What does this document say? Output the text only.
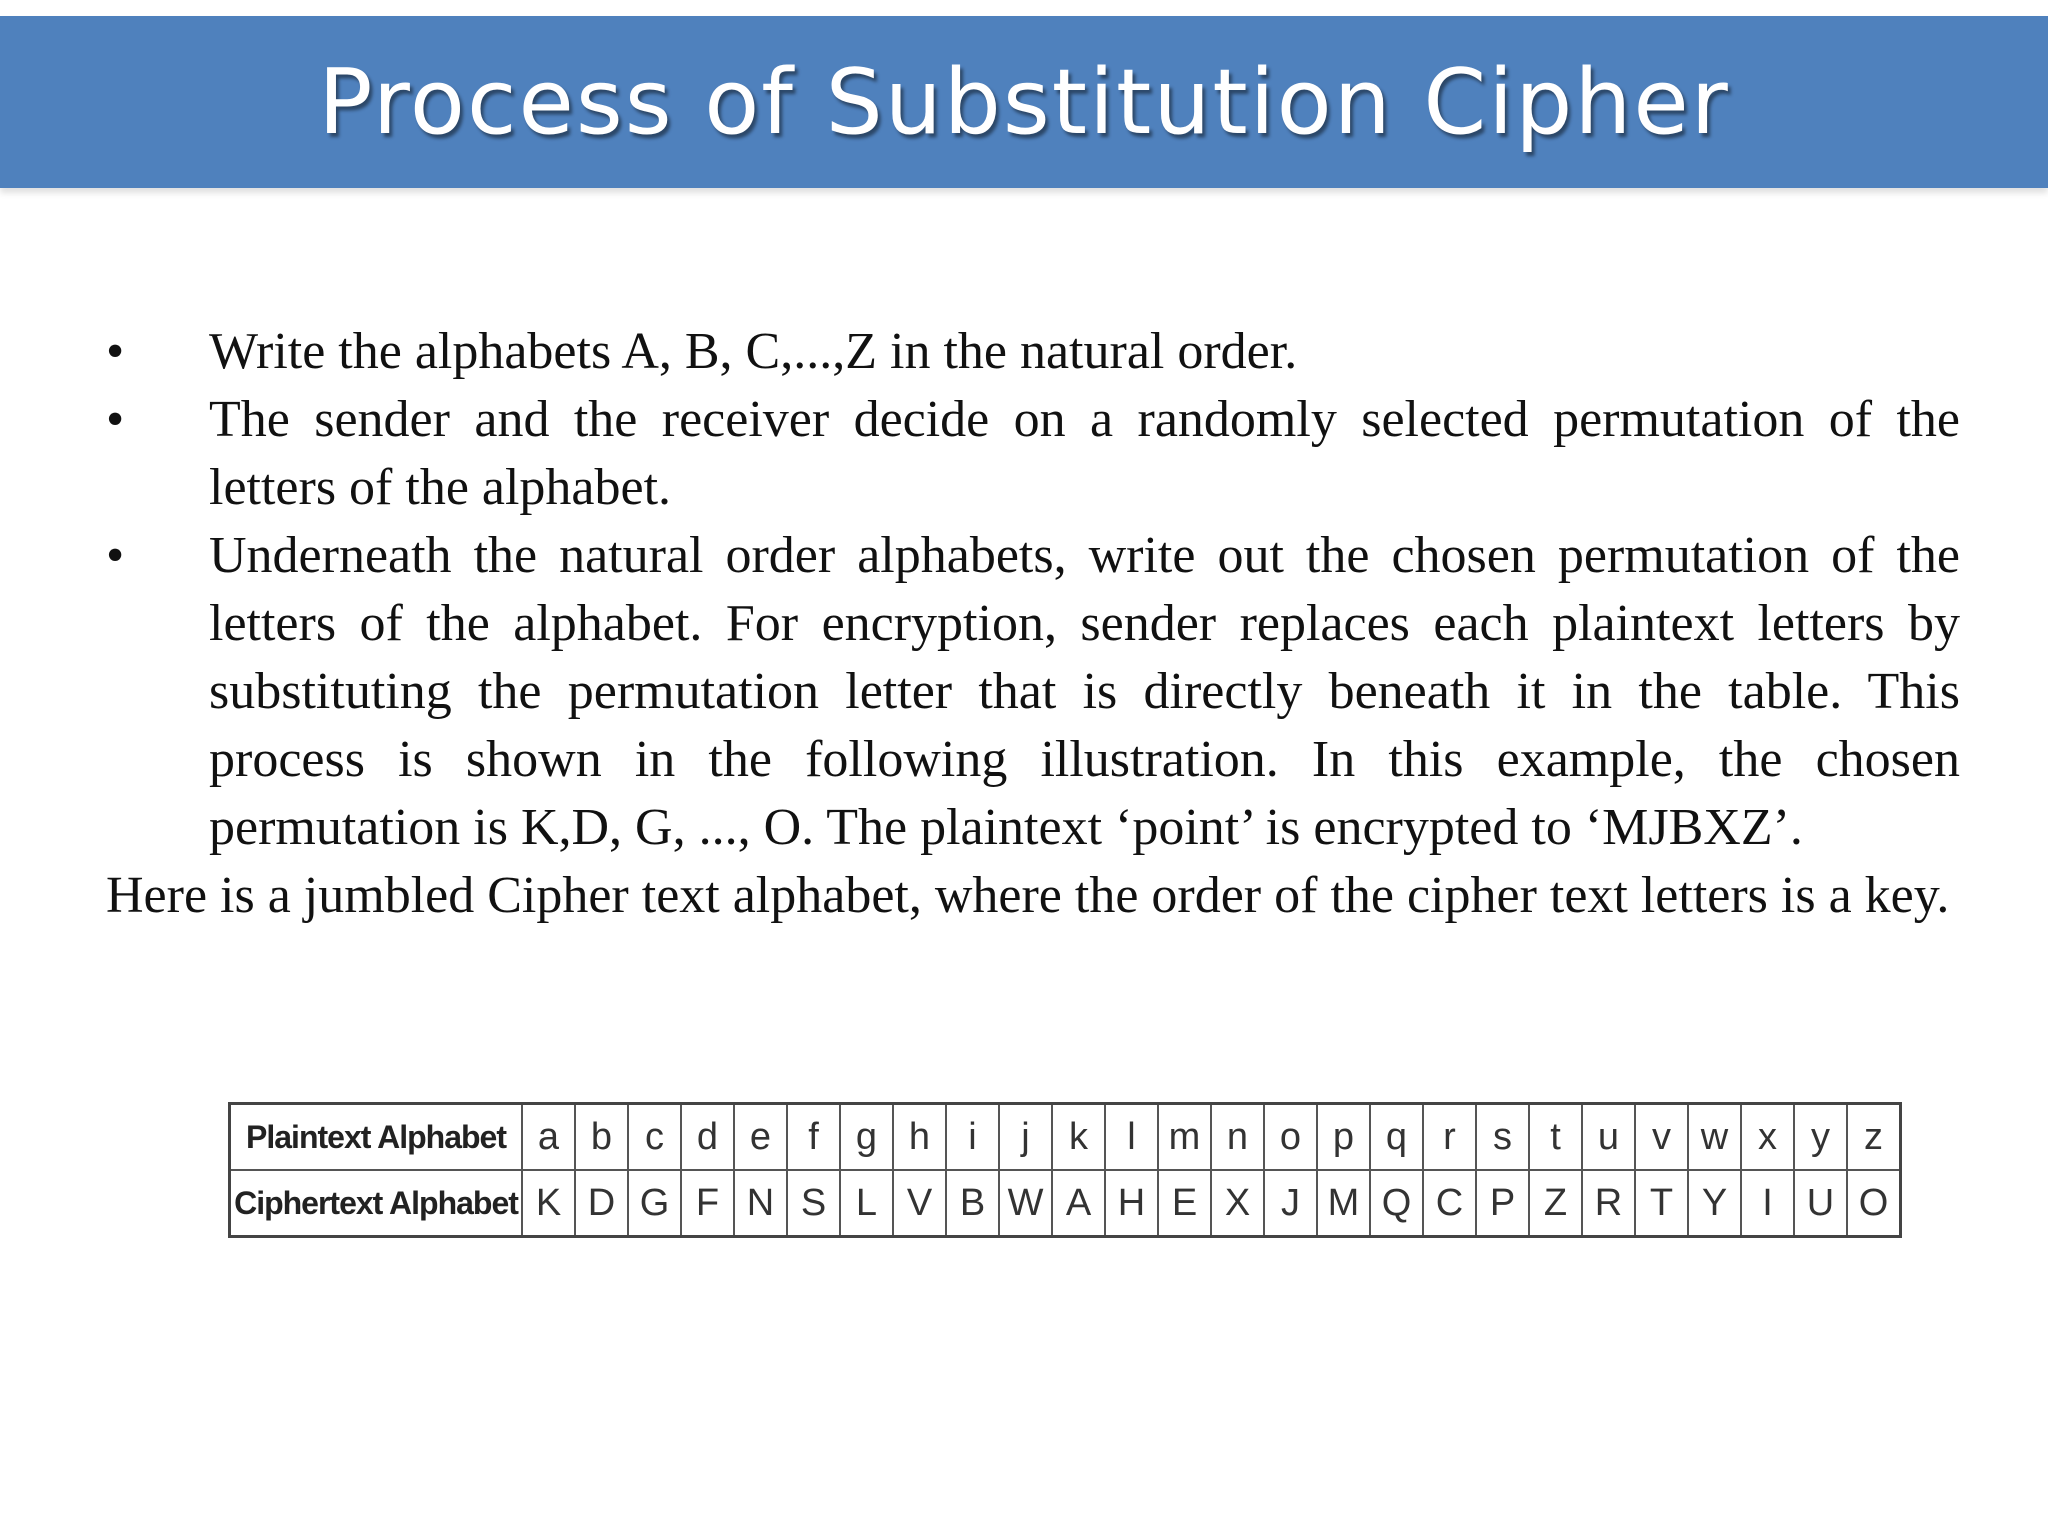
Process of Substitution Cipher
• Write the alphabets A, B, C,...,Z in the natural order.
• The sender and the receiver decide on a randomly selected permutation of the letters of the alphabet.
• Underneath the natural order alphabets, write out the chosen permutation of the letters of the alphabet. For encryption, sender replaces each plaintext letters by substituting the permutation letter that is directly beneath it in the table. This process is shown in the following illustration. In this example, the chosen permutation is K,D, G, ..., O. The plaintext ‘point’ is encrypted to ‘MJBXZ’.

Here is a jumbled Cipher text alphabet, where the order of the cipher text letters is a key.

Plaintext Alphabet	a	b	c	d	e	f	g	h	i	j	k	l	m	n	o	p	q	r	s	t	u	v	w	x	y	z
Ciphertext Alphabet	K	D	G	F	N	S	L	V	B	W	A	H	E	X	J	M	Q	C	P	Z	R	T	Y	I	U	O
